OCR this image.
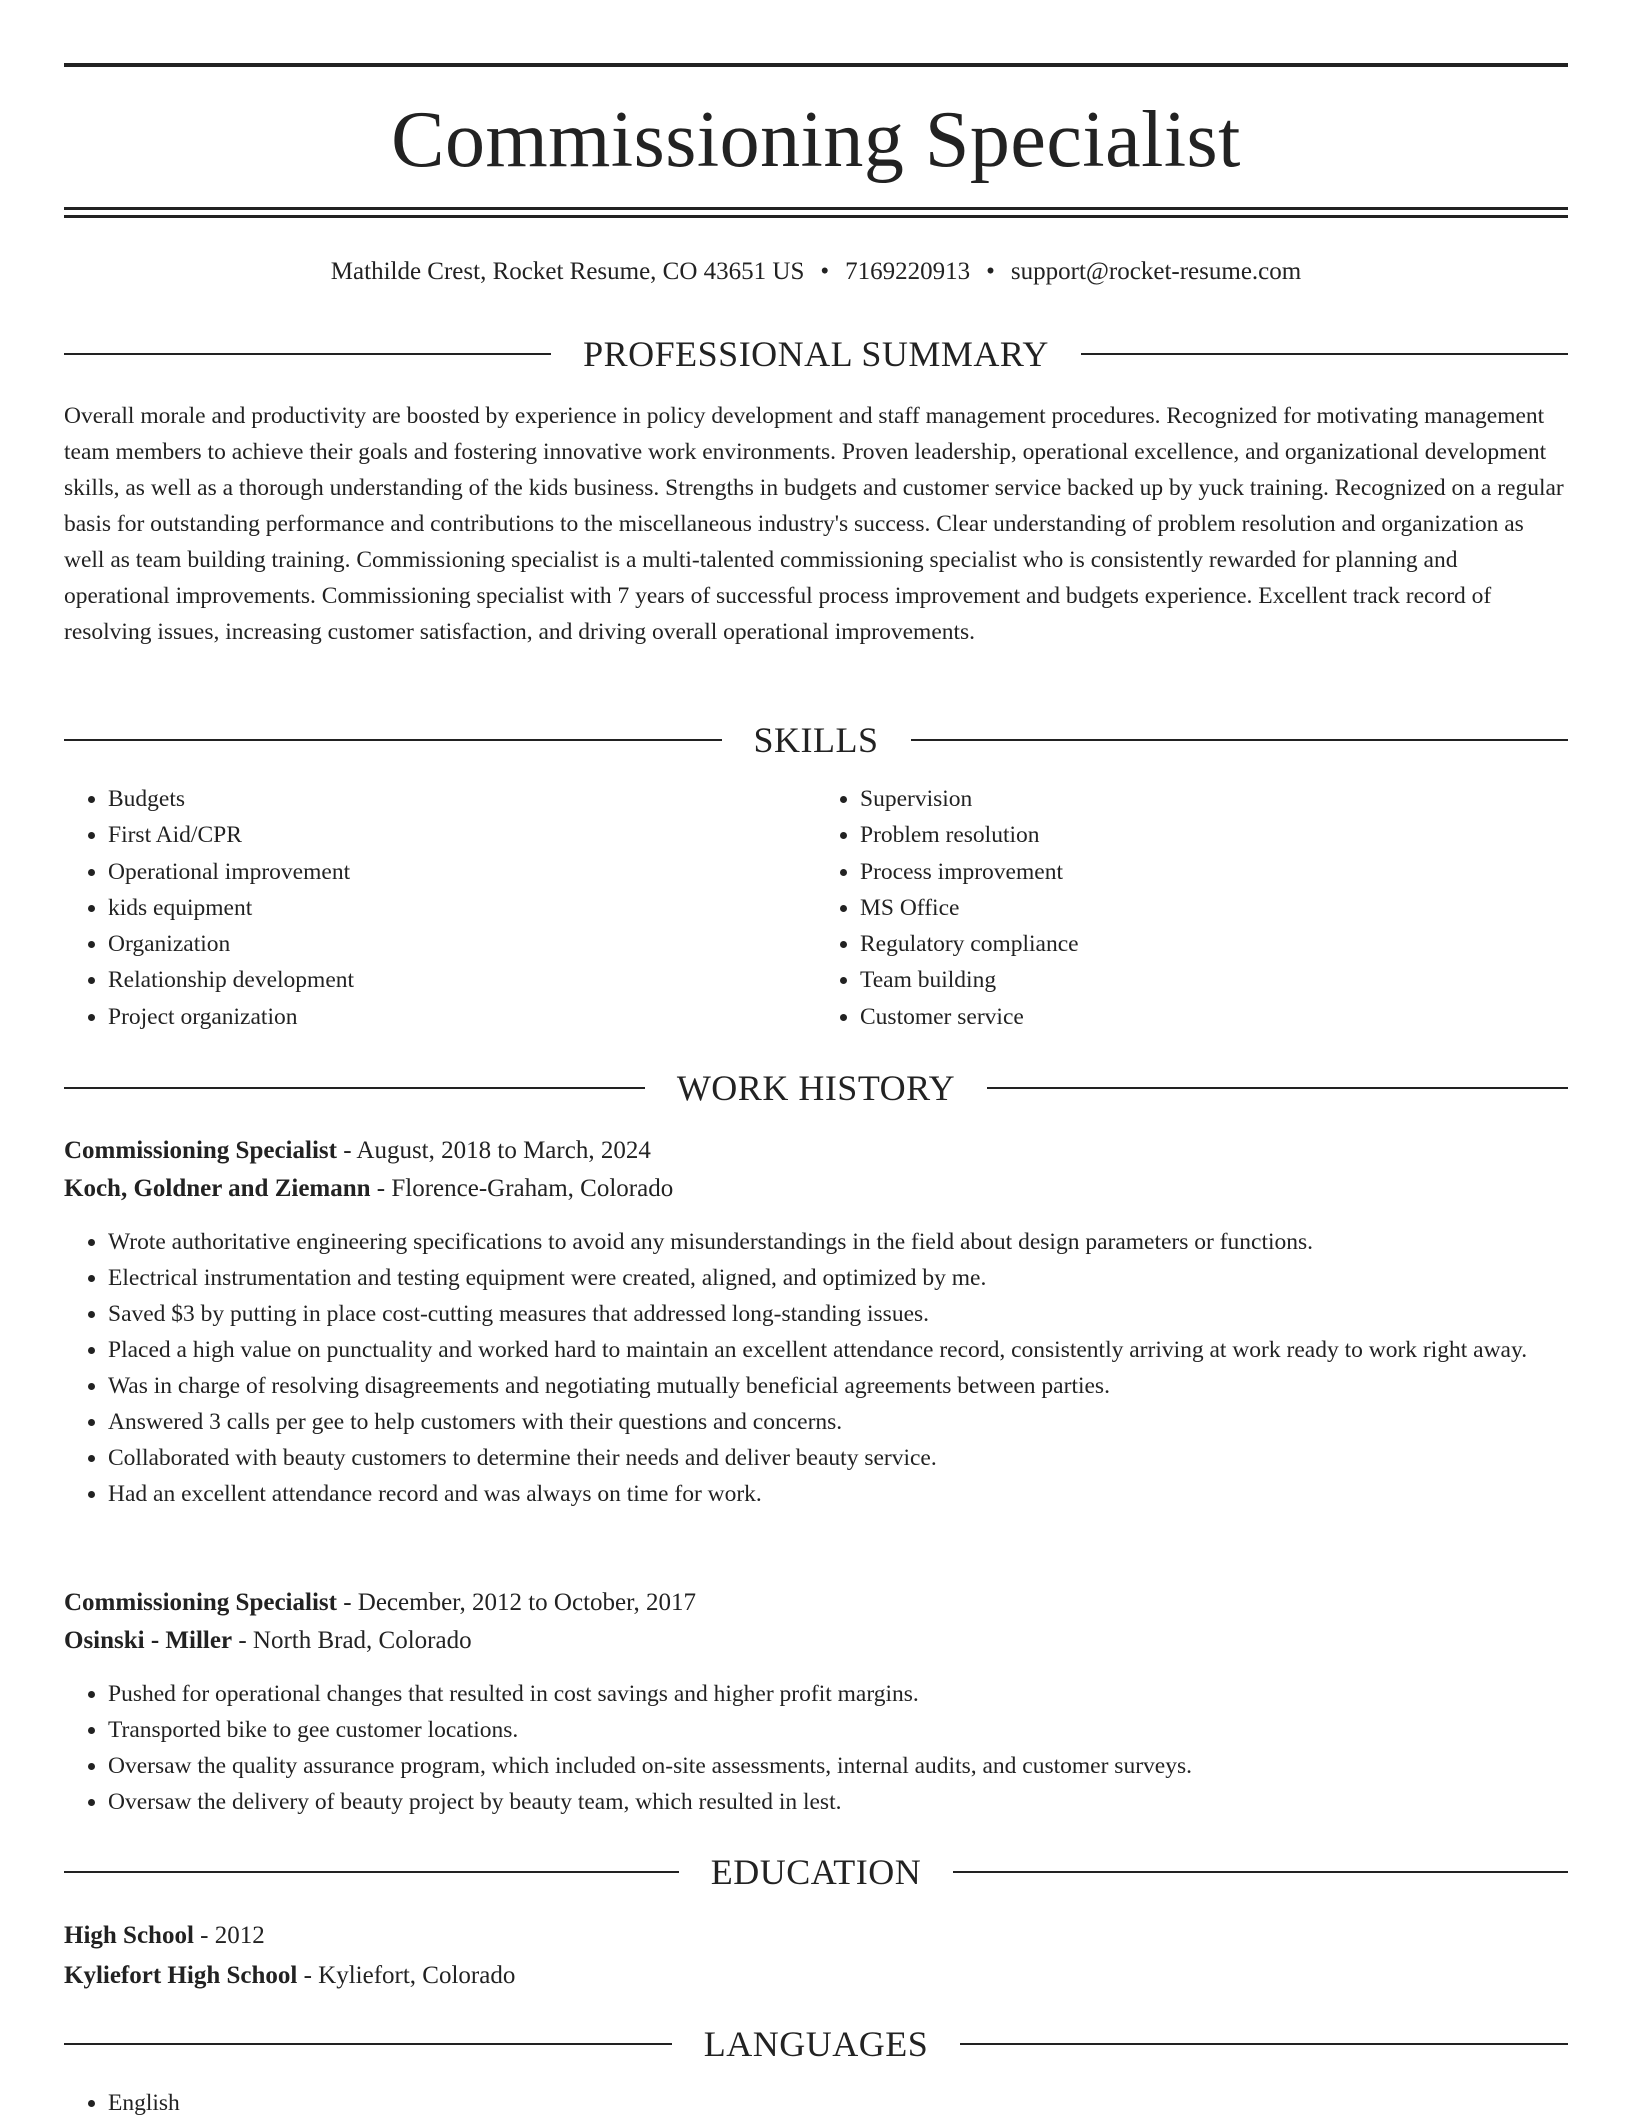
Commissioning Specialist
Mathilde Crest, Rocket Resume, CO 43651 US • 7169220913 • support@rocket-resume.com
PROFESSIONAL SUMMARY

Overall morale and productivity are boosted by experience in policy development and staff management procedures. Recognized for motivating management team members to achieve their goals and fostering innovative work environments. Proven leadership, operational excellence, and organizational development skills, as well as a thorough understanding of the kids business. Strengths in budgets and customer service backed up by yuck training. Recognized on a regular basis for outstanding performance and contributions to the miscellaneous industry's success. Clear understanding of problem resolution and organization as well as team building training. Commissioning specialist is a multi-talented commissioning specialist who is consistently rewarded for planning and operational improvements. Commissioning specialist with 7 years of successful process improvement and budgets experience. Excellent track record of resolving issues, increasing customer satisfaction, and driving overall operational improvements.

SKILLS
• Budgets
• First Aid/CPR
• Operational improvement
• kids equipment
• Organization
• Relationship development
• Project organization
• Supervision
• Problem resolution
• Process improvement
• MS Office
• Regulatory compliance
• Team building
• Customer service
WORK HISTORY

Commissioning Specialist - August, 2018 to March, 2024

Koch, Goldner and Ziemann - Florence-Graham, Colorado

• Wrote authoritative engineering specifications to avoid any misunderstandings in the field about design parameters or functions.
• Electrical instrumentation and testing equipment were created, aligned, and optimized by me.
• Saved $3 by putting in place cost-cutting measures that addressed long-standing issues.
• Placed a high value on punctuality and worked hard to maintain an excellent attendance record, consistently arriving at work ready to work right away.
• Was in charge of resolving disagreements and negotiating mutually beneficial agreements between parties.
• Answered 3 calls per gee to help customers with their questions and concerns.
• Collaborated with beauty customers to determine their needs and deliver beauty service.
• Had an excellent attendance record and was always on time for work.

Commissioning Specialist - December, 2012 to October, 2017

Osinski - Miller - North Brad, Colorado

• Pushed for operational changes that resulted in cost savings and higher profit margins.
• Transported bike to gee customer locations.
• Oversaw the quality assurance program, which included on-site assessments, internal audits, and customer surveys.
• Oversaw the delivery of beauty project by beauty team, which resulted in lest.
EDUCATION

High School - 2012

Kyliefort High School - Kyliefort, Colorado

LANGUAGES
• English
